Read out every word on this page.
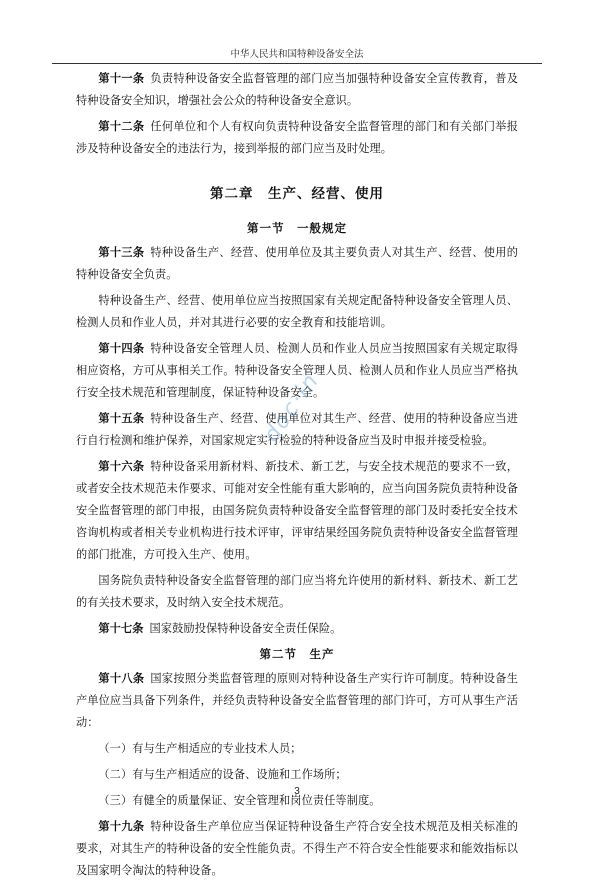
中华人民共和国特种设备安全法

第十一条 负责特种设备安全监督管理的部门应当加强特种设备安全宣传教育，普及特种设备安全知识，增强社会公众的特种设备安全意识。

第十二条 任何单位和个人有权向负责特种设备安全监督管理的部门和有关部门举报涉及特种设备安全的违法行为，接到举报的部门应当及时处理。

第二章　生产、经营、使用
第一节　一般规定

第十三条 特种设备生产、经营、使用单位及其主要负责人对其生产、经营、使用的特种设备安全负责。

特种设备生产、经营、使用单位应当按照国家有关规定配备特种设备安全管理人员、检测人员和作业人员，并对其进行必要的安全教育和技能培训。

第十四条 特种设备安全管理人员、检测人员和作业人员应当按照国家有关规定取得相应资格，方可从事相关工作。特种设备安全管理人员、检测人员和作业人员应当严格执行安全技术规范和管理制度，保证特种设备安全。

第十五条 特种设备生产、经营、使用单位对其生产、经营、使用的特种设备应当进行自行检测和维护保养，对国家规定实行检验的特种设备应当及时申报并接受检验。

第十六条 特种设备采用新材料、新技术、新工艺，与安全技术规范的要求不一致，或者安全技术规范未作要求、可能对安全性能有重大影响的，应当向国务院负责特种设备安全监督管理的部门申报，由国务院负责特种设备安全监督管理的部门及时委托安全技术咨询机构或者相关专业机构进行技术评审，评审结果经国务院负责特种设备安全监督管理的部门批准，方可投入生产、使用。

国务院负责特种设备安全监督管理的部门应当将允许使用的新材料、新技术、新工艺的有关技术要求，及时纳入安全技术规范。

第十七条 国家鼓励投保特种设备安全责任保险。

第二节　生产

第十八条 国家按照分类监督管理的原则对特种设备生产实行许可制度。特种设备生产单位应当具备下列条件，并经负责特种设备安全监督管理的部门许可，方可从事生产活动：

（一）有与生产相适应的专业技术人员；

（二）有与生产相适应的设备、设施和工作场所；

（三）有健全的质量保证、安全管理和岗位责任等制度。

第十九条 特种设备生产单位应当保证特种设备生产符合安全技术规范及相关标准的要求，对其生产的特种设备的安全性能负责。不得生产不符合安全性能要求和能效指标以及国家明令淘汰的特种设备。

doc·in
3
